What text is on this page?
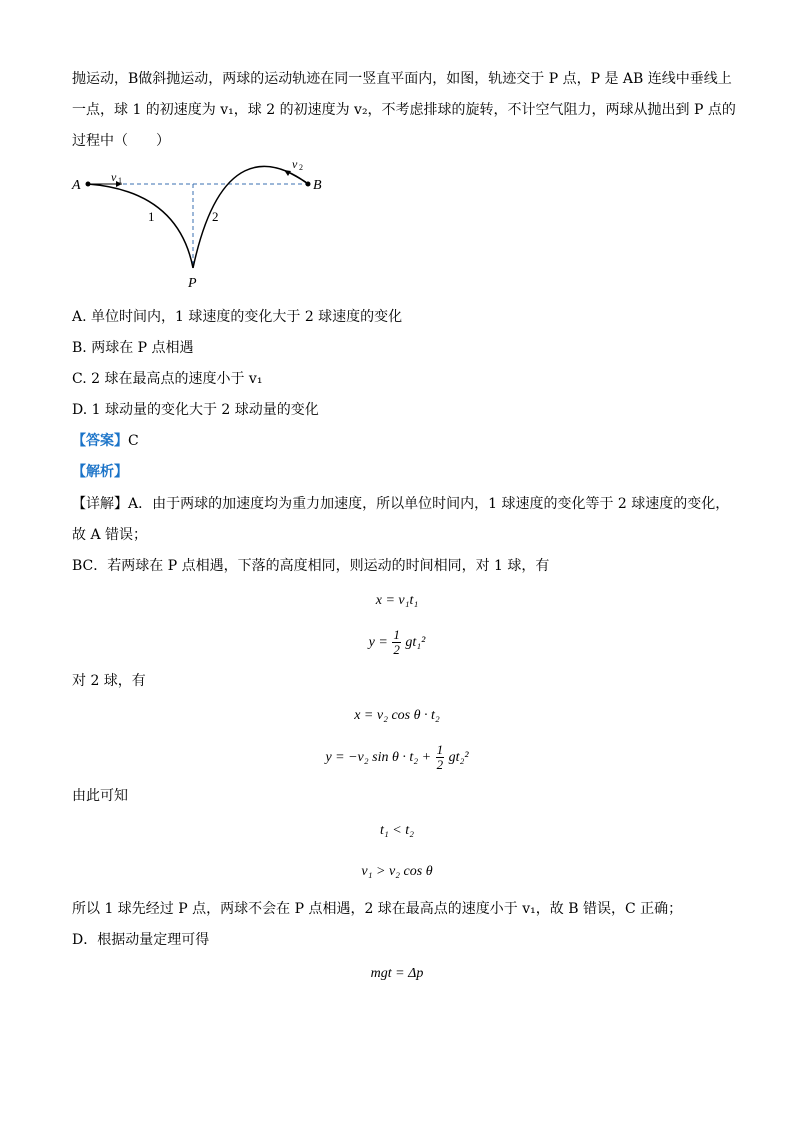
抛运动，B做斜抛运动，两球的运动轨迹在同一竖直平面内，如图，轨迹交于 P 点，P 是 AB 连线中垂线上
一点，球 1 的初速度为 v₁，球 2 的初速度为 v₂，不考虑排球的旋转，不计空气阻力，两球从抛出到 P 点的
过程中（　　）
A	B
P
1	2
v 1
v 2
A. 单位时间内，1 球速度的变化大于 2 球速度的变化
B. 两球在 P 点相遇
C. 2 球在最高点的速度小于 v₁
D. 1 球动量的变化大于 2 球动量的变化
【答案】C
【解析】
【详解】A．由于两球的加速度均为重力加速度，所以单位时间内，1 球速度的变化等于 2 球速度的变化，
故 A 错误；
BC．若两球在 P 点相遇，下落的高度相同，则运动的时间相同，对 1 球，有
x = v₁t₁
$y = \frac{1}{2} gt_1^2$
对 2 球，有
x = v₂ cos θ · t₂
y = −v₂ $\sin \theta \cdot t_2 + \frac{1}{2} gt_2^2$
由此可知
t₁ < t₂
v₁ > v₂ cos θ
所以 1 球先经过 P 点，两球不会在 P 点相遇，2 球在最高点的速度小于 v₁，故 B 错误，C 正确；
D．根据动量定理可得
mgt = Δp
